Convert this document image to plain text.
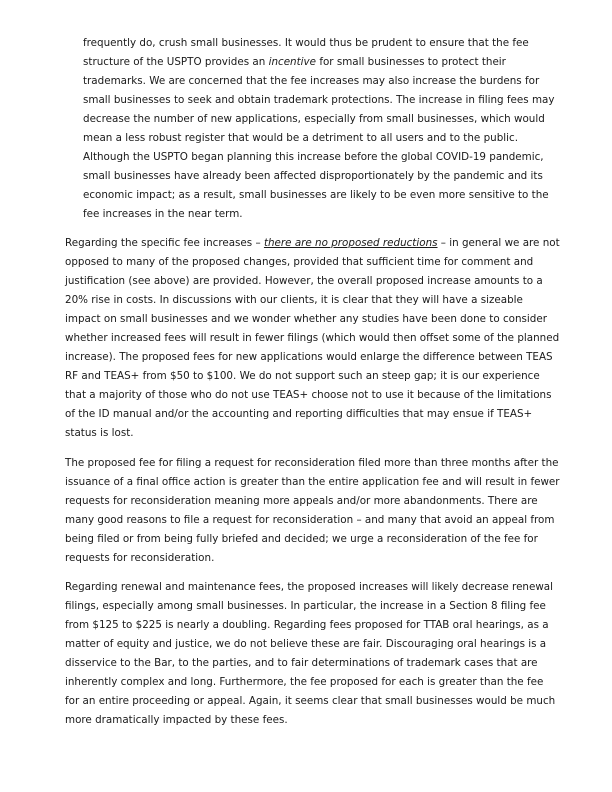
frequently do, crush small businesses. It would thus be prudent to ensure that the fee
structure of the USPTO provides an incentive for small businesses to protect their
trademarks. We are concerned that the fee increases may also increase the burdens for
small businesses to seek and obtain trademark protections. The increase in filing fees may
decrease the number of new applications, especially from small businesses, which would
mean a less robust register that would be a detriment to all users and to the public.
Although the USPTO began planning this increase before the global COVID-19 pandemic,
small businesses have already been affected disproportionately by the pandemic and its
economic impact; as a result, small businesses are likely to be even more sensitive to the
fee increases in the near term.
Regarding the specific fee increases – there are no proposed reductions – in general we are not
opposed to many of the proposed changes, provided that sufficient time for comment and
justification (see above) are provided. However, the overall proposed increase amounts to a
20% rise in costs. In discussions with our clients, it is clear that they will have a sizeable
impact on small businesses and we wonder whether any studies have been done to consider
whether increased fees will result in fewer filings (which would then offset some of the planned
increase). The proposed fees for new applications would enlarge the difference between TEAS
RF and TEAS+ from $50 to $100. We do not support such an steep gap; it is our experience
that a majority of those who do not use TEAS+ choose not to use it because of the limitations
of the ID manual and/or the accounting and reporting difficulties that may ensue if TEAS+
status is lost.
The proposed fee for filing a request for reconsideration filed more than three months after the
issuance of a final office action is greater than the entire application fee and will result in fewer
requests for reconsideration meaning more appeals and/or more abandonments. There are
many good reasons to file a request for reconsideration – and many that avoid an appeal from
being filed or from being fully briefed and decided; we urge a reconsideration of the fee for
requests for reconsideration.
Regarding renewal and maintenance fees, the proposed increases will likely decrease renewal
filings, especially among small businesses. In particular, the increase in a Section 8 filing fee
from $125 to $225 is nearly a doubling. Regarding fees proposed for TTAB oral hearings, as a
matter of equity and justice, we do not believe these are fair. Discouraging oral hearings is a
disservice to the Bar, to the parties, and to fair determinations of trademark cases that are
inherently complex and long. Furthermore, the fee proposed for each is greater than the fee
for an entire proceeding or appeal. Again, it seems clear that small businesses would be much
more dramatically impacted by these fees.
